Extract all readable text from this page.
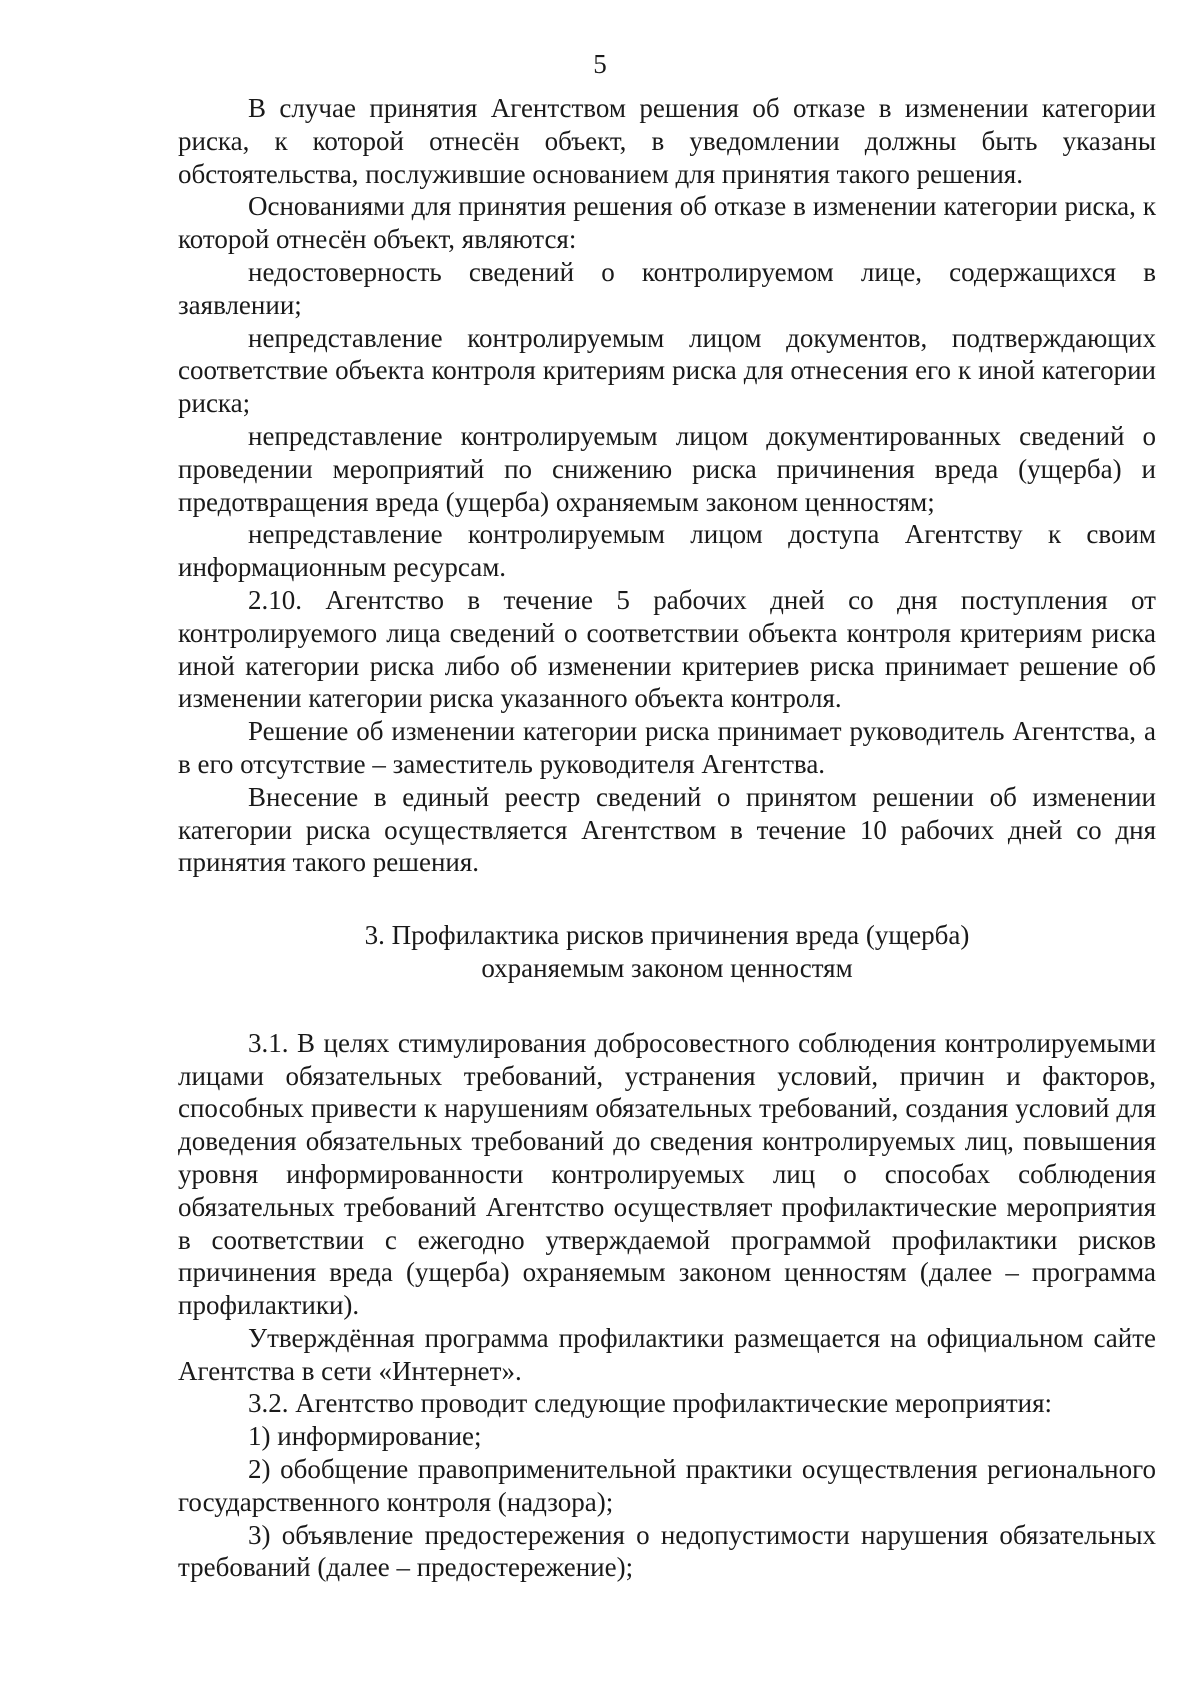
5

В случае принятия Агентством решения об отказе в изменении категории риска, к которой отнесён объект, в уведомлении должны быть указаны обстоятельства, послужившие основанием для принятия такого решения.

Основаниями для принятия решения об отказе в изменении категории риска, к которой отнесён объект, являются:

недостоверность сведений о контролируемом лице, содержащихся в заявлении;

непредставление контролируемым лицом документов, подтверждающих соответствие объекта контроля критериям риска для отнесения его к иной категории риска;

непредставление контролируемым лицом документированных сведений о проведении мероприятий по снижению риска причинения вреда (ущерба) и предотвращения вреда (ущерба) охраняемым законом ценностям;

непредставление контролируемым лицом доступа Агентству к своим информационным ресурсам.

2.10. Агентство в течение 5 рабочих дней со дня поступления от контролируемого лица сведений о соответствии объекта контроля критериям риска иной категории риска либо об изменении критериев риска принимает решение об изменении категории риска указанного объекта контроля.

Решение об изменении категории риска принимает руководитель Агентства, а в его отсутствие – заместитель руководителя Агентства.

Внесение в единый реестр сведений о принятом решении об изменении категории риска осуществляется Агентством в течение 10 рабочих дней со дня принятия такого решения.

3. Профилактика рисков причинения вреда (ущерба)
охраняемым законом ценностям

3.1. В целях стимулирования добросовестного соблюдения контролируемыми лицами обязательных требований, устранения условий, причин и факторов, способных привести к нарушениям обязательных требований, создания условий для доведения обязательных требований до сведения контролируемых лиц, повышения уровня информированности контролируемых лиц о способах соблюдения обязательных требований Агентство осуществляет профилактические мероприятия в соответствии с ежегодно утверждаемой программой профилактики рисков причинения вреда (ущерба) охраняемым законом ценностям (далее – программа профилактики).

Утверждённая программа профилактики размещается на официальном сайте Агентства в сети «Интернет».

3.2. Агентство проводит следующие профилактические мероприятия:

1) информирование;

2) обобщение правоприменительной практики осуществления регионального государственного контроля (надзора);

3) объявление предостережения о недопустимости нарушения обязательных требований (далее – предостережение);
